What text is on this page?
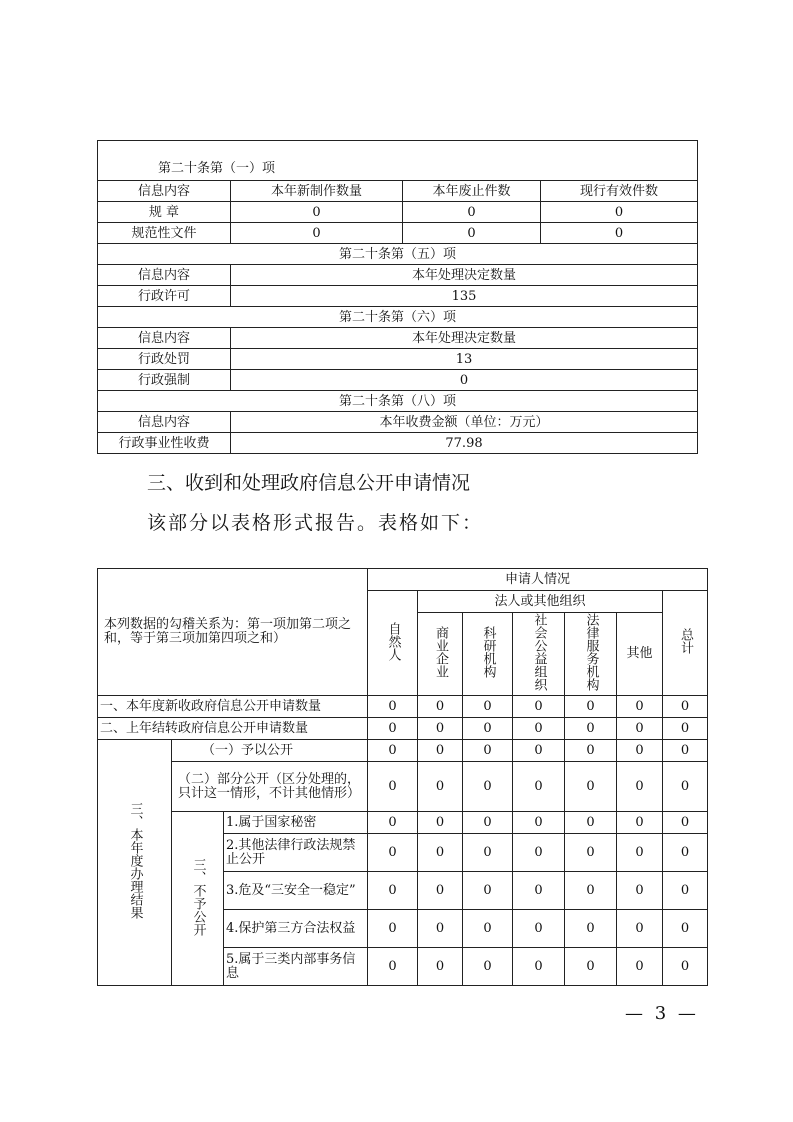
第二十条第（一）项			
信息内容	本年新制作数量	本年废止件数	现行有效件数
规 章	0	0	0
规范性文件	0	0	0
第二十条第（五）项			
信息内容	本年处理决定数量		
行政许可	135		
第二十条第（六）项			
信息内容	本年处理决定数量		
行政处罚	13		
行政强制	0		
第二十条第（八）项			
信息内容	本年收费金额（单位：万元）		
行政事业性收费	77.98		
三、收到和处理政府信息公开申请情况
该部分以表格形式报告。表格如下：
本列数据的勾稽关系为：第一项加第二项之和，等于第三项加第四项之和）			申请人情况						
			自然人	法人或其他组织					总计
				商业企业	科研机构	社会公益组织	法律服务机构	其他	
一、本年度新收政府信息公开申请数量			0	0	0	0	0	0	0
二、上年结转政府信息公开申请数量			0	0	0	0	0	0	0
三、本年度办理结果	（一）予以公开		0	0	0	0	0	0	0
	（二）部分公开（区分处理的，只计这一情形，不计其他情形）		0	0	0	0	0	0	0
	三、不予公开	1.属于国家秘密	0	0	0	0	0	0	0
		2.其他法律行政法规禁止公开	0	0	0	0	0	0	0
		3.危及“三安全一稳定”	0	0	0	0	0	0	0
		4.保护第三方合法权益	0	0	0	0	0	0	0
		5.属于三类内部事务信息	0	0	0	0	0	0	0
— 3 —
